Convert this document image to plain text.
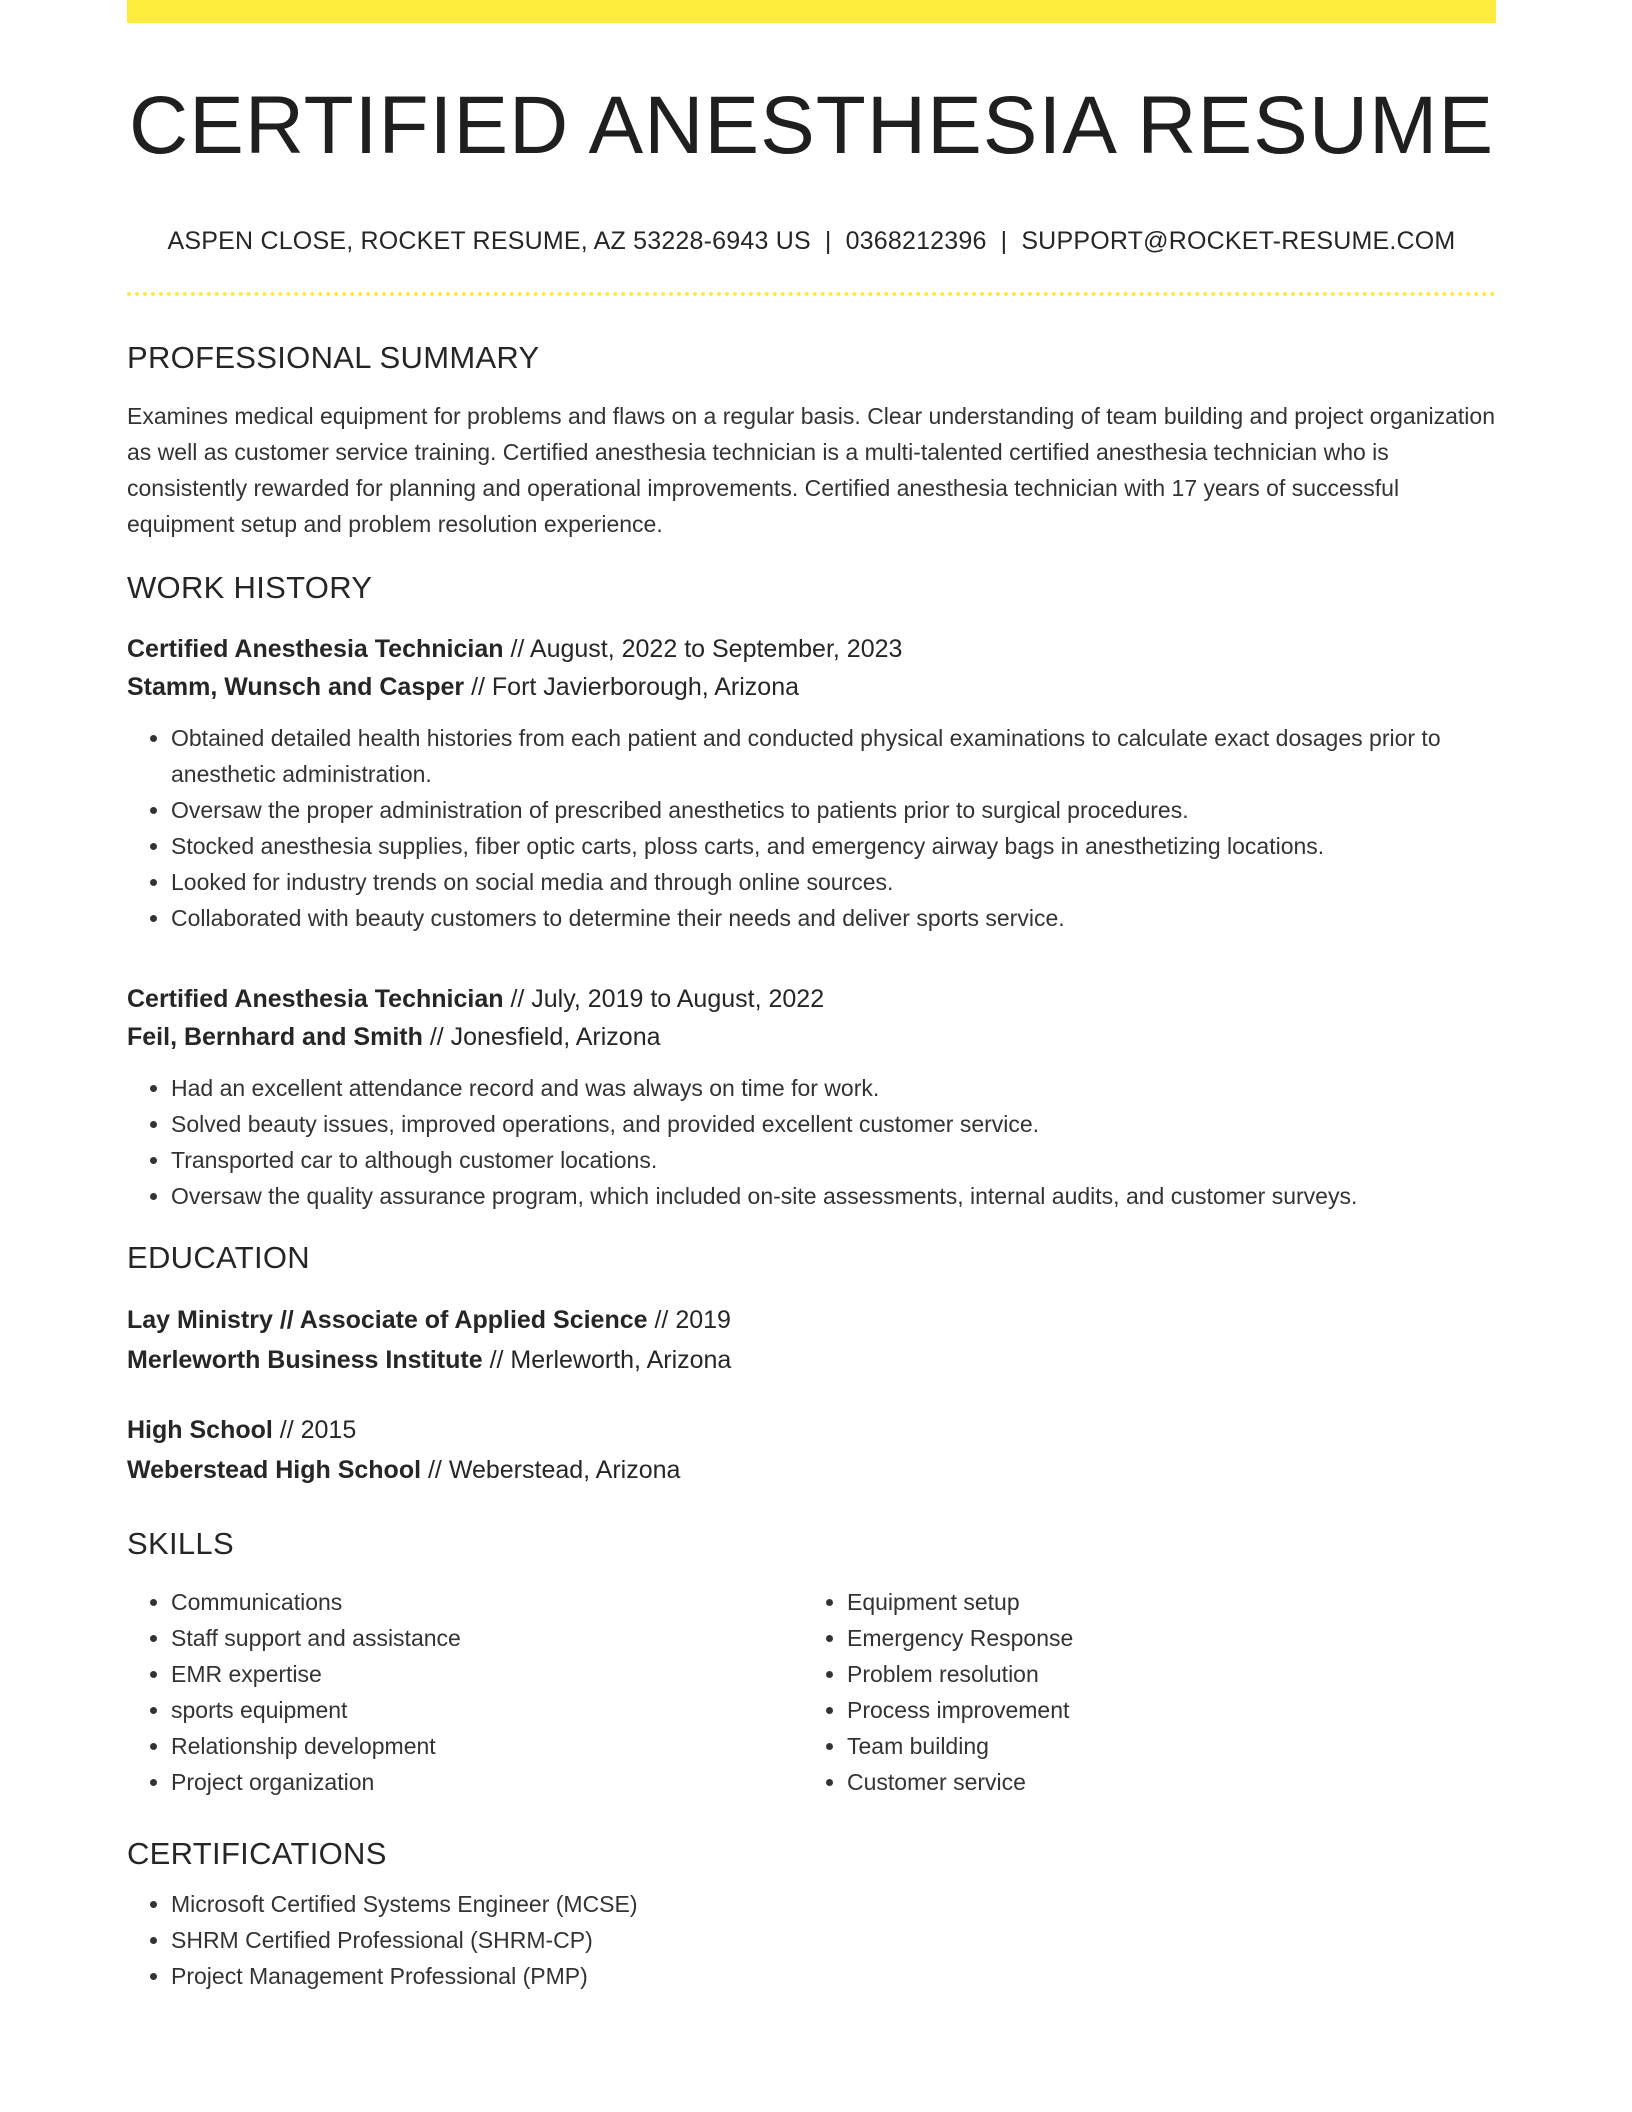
CERTIFIED ANESTHESIA RESUME
ASPEN CLOSE, ROCKET RESUME, AZ 53228-6943 US | 0368212396 | SUPPORT@ROCKET-RESUME.COM
PROFESSIONAL SUMMARY
Examines medical equipment for problems and flaws on a regular basis. Clear understanding of team building and project organization as well as customer service training. Certified anesthesia technician is a multi-talented certified anesthesia technician who is consistently rewarded for planning and operational improvements. Certified anesthesia technician with 17 years of successful equipment setup and problem resolution experience.
WORK HISTORY
Certified Anesthesia Technician // August, 2022 to September, 2023
Stamm, Wunsch and Casper // Fort Javierborough, Arizona
• Obtained detailed health histories from each patient and conducted physical examinations to calculate exact dosages prior to anesthetic administration.
• Oversaw the proper administration of prescribed anesthetics to patients prior to surgical procedures.
• Stocked anesthesia supplies, fiber optic carts, ploss carts, and emergency airway bags in anesthetizing locations.
• Looked for industry trends on social media and through online sources.
• Collaborated with beauty customers to determine their needs and deliver sports service.
Certified Anesthesia Technician // July, 2019 to August, 2022
Feil, Bernhard and Smith // Jonesfield, Arizona
• Had an excellent attendance record and was always on time for work.
• Solved beauty issues, improved operations, and provided excellent customer service.
• Transported car to although customer locations.
• Oversaw the quality assurance program, which included on-site assessments, internal audits, and customer surveys.
EDUCATION
Lay Ministry // Associate of Applied Science // 2019
Merleworth Business Institute // Merleworth, Arizona
High School // 2015
Weberstead High School // Weberstead, Arizona
SKILLS
• Communications
• Staff support and assistance
• EMR expertise
• sports equipment
• Relationship development
• Project organization
• Equipment setup
• Emergency Response
• Problem resolution
• Process improvement
• Team building
• Customer service
CERTIFICATIONS
• Microsoft Certified Systems Engineer (MCSE)
• SHRM Certified Professional (SHRM-CP)
• Project Management Professional (PMP)
